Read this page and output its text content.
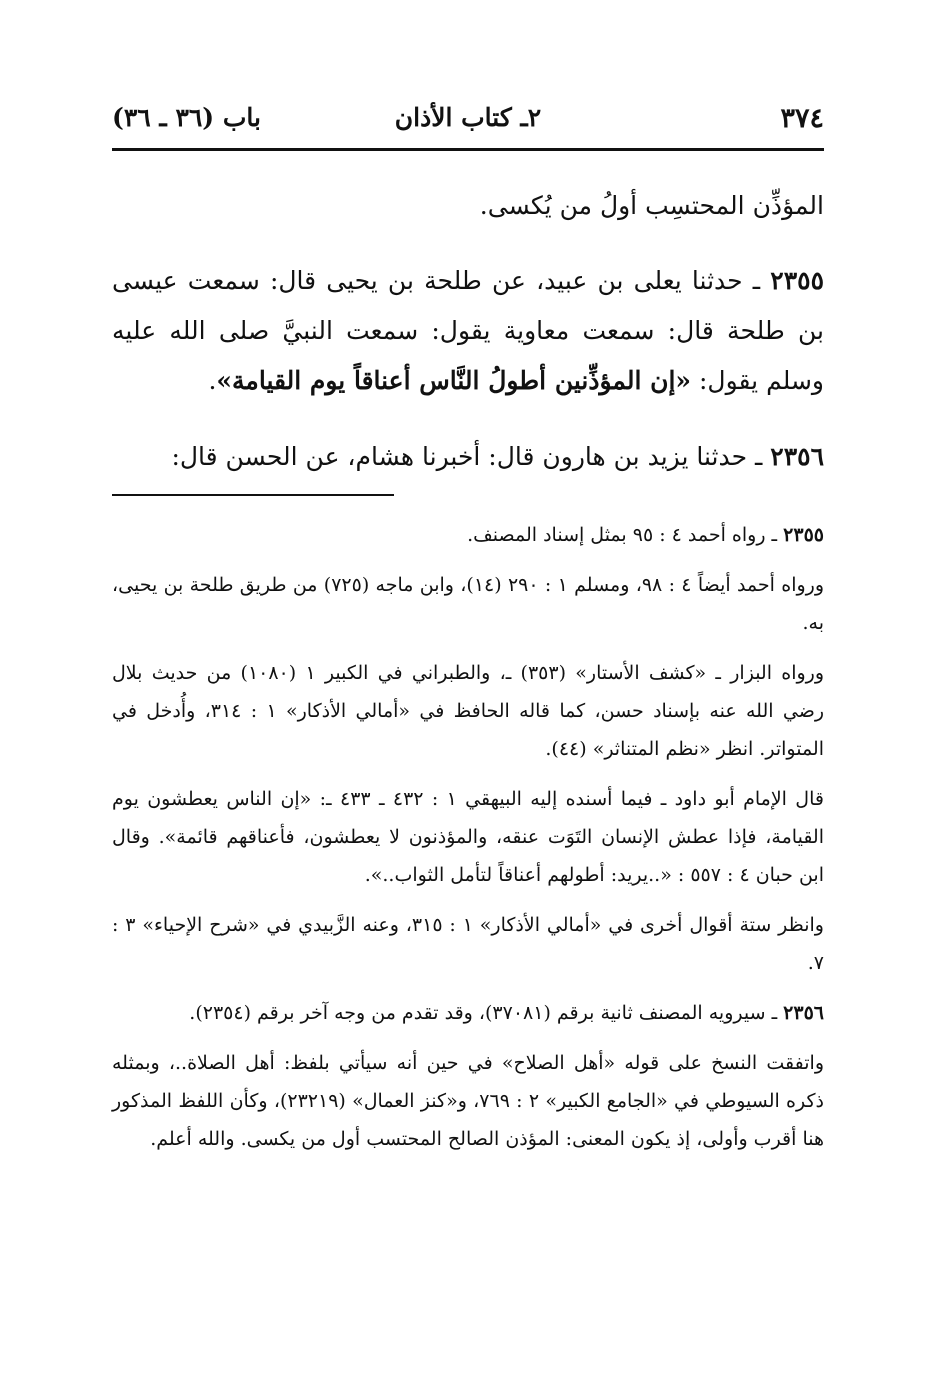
٣٧٤
٢ـ كتاب الأذان
باب (٣٦ ـ ٣٦)

المؤذِّن المحتسِب أولُ من يُكسى.

٢٣٥٥ ـ حدثنا يعلى بن عبيد، عن طلحة بن يحيى قال: سمعت عيسى بن طلحة قال: سمعت معاوية يقول: سمعت النبيَّ صلى الله عليه وسلم يقول: «إن المؤذِّنين أطولُ النَّاس أعناقاً يوم القيامة».

٢٣٥٦ ـ حدثنا يزيد بن هارون قال: أخبرنا هشام، عن الحسن قال:

٢٣٥٥ ـ رواه أحمد ٤ : ٩٥ بمثل إسناد المصنف.

ورواه أحمد أيضاً ٤ : ٩٨، ومسلم ١ : ٢٩٠ (١٤)، وابن ماجه (٧٢٥) من طريق طلحة بن يحيى، به.

ورواه البزار ـ «كشف الأستار» (٣٥٣) ـ، والطبراني في الكبير ١ (١٠٨٠) من حديث بلال رضي الله عنه بإسناد حسن، كما قاله الحافظ في «أمالي الأذكار» ١ : ٣١٤، وأُدخل في المتواتر. انظر «نظم المتناثر» (٤٤).

قال الإمام أبو داود ـ فيما أسنده إليه البيهقي ١ : ٤٣٢ ـ ٤٣٣ ـ: «إن الناس يعطشون يوم القيامة، فإذا عطش الإنسان التَوَت عنقه، والمؤذنون لا يعطشون، فأعناقهم قائمة». وقال ابن حبان ٤ : ٥٥٧ : «..يريد: أطولهم أعناقاً لتأمل الثواب..».

وانظر ستة أقوال أخرى في «أمالي الأذكار» ١ : ٣١٥، وعنه الزَّبيدي في «شرح الإحياء» ٣ : ٧.

٢٣٥٦ ـ سيرويه المصنف ثانية برقم (٣٧٠٨١)، وقد تقدم من وجه آخر برقم (٢٣٥٤).

واتفقت النسخ على قوله «أهل الصلاح» في حين أنه سيأتي بلفظ: أهل الصلاة..، وبمثله ذكره السيوطي في «الجامع الكبير» ٢ : ٧٦٩، و«كنز العمال» (٢٣٢١٩)، وكأن اللفظ المذكور هنا أقرب وأولى، إذ يكون المعنى: المؤذن الصالح المحتسب أول من يكسى. والله أعلم.
